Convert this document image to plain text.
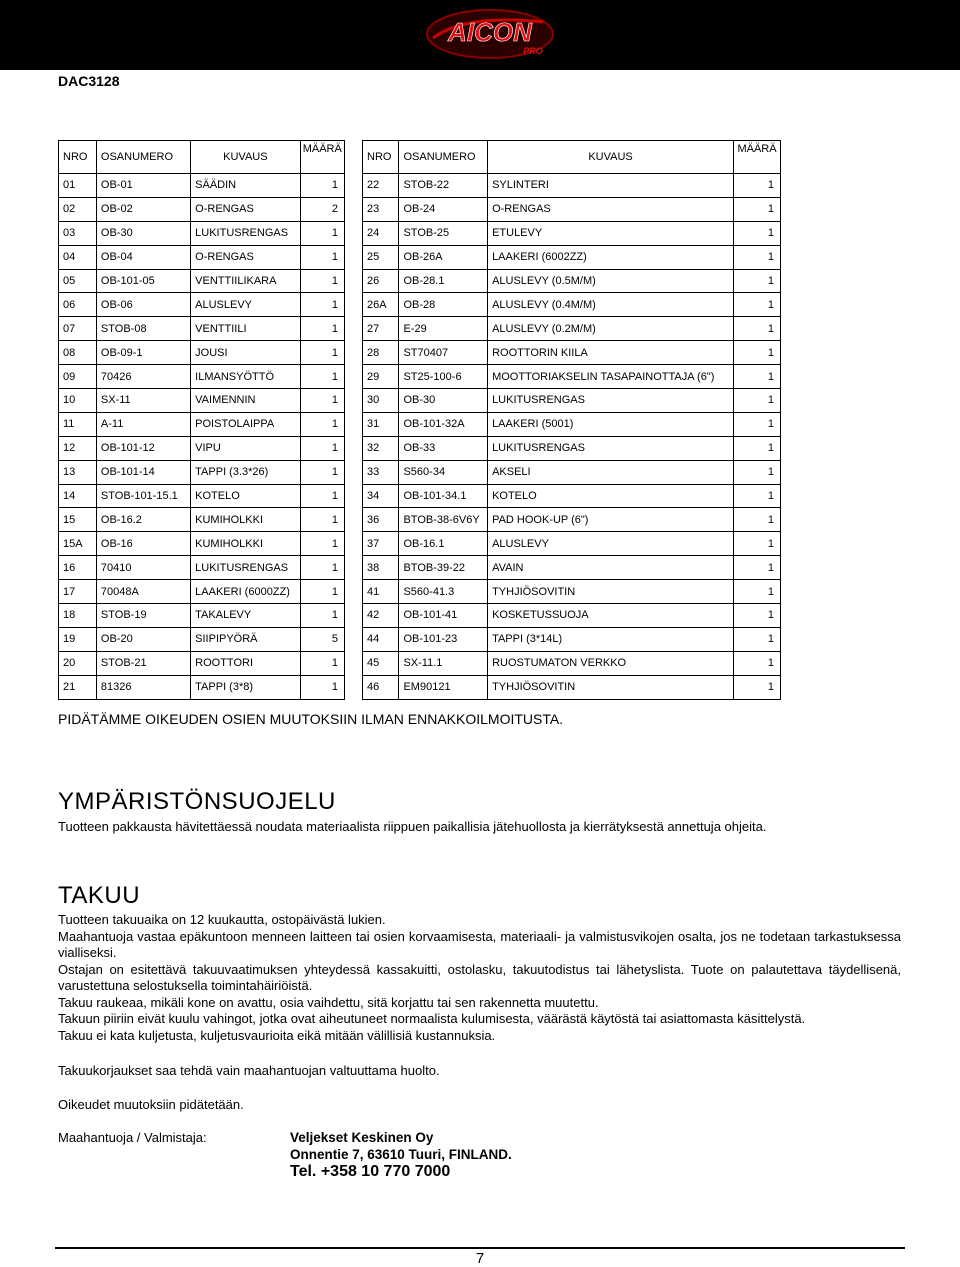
AICON
PRO
DAC3128
NRO	OSANUMERO	KUVAUS	MÄÄRÄ
01	OB-01	SÄÄDIN	1
02	OB-02	O-RENGAS	2
03	OB-30	LUKITUSRENGAS	1
04	OB-04	O-RENGAS	1
05	OB-101-05	VENTTIILIKARA	1
06	OB-06	ALUSLEVY	1
07	STOB-08	VENTTIILI	1
08	OB-09-1	JOUSI	1
09	70426	ILMANSYÖTTÖ	1
10	SX-11	VAIMENNIN	1
11	A-11	POISTOLAIPPA	1
12	OB-101-12	VIPU	1
13	OB-101-14	TAPPI (3.3*26)	1
14	STOB-101-15.1	KOTELO	1
15	OB-16.2	KUMIHOLKKI	1
15A	OB-16	KUMIHOLKKI	1
16	70410	LUKITUSRENGAS	1
17	70048A	LAAKERI (6000ZZ)	1
18	STOB-19	TAKALEVY	1
19	OB-20	SIIPIPYÖRÄ	5
20	STOB-21	ROOTTORI	1
21	81326	TAPPI (3*8)	1
NRO	OSANUMERO	KUVAUS	MÄÄRÄ
22	STOB-22	SYLINTERI	1
23	OB-24	O-RENGAS	1
24	STOB-25	ETULEVY	1
25	OB-26A	LAAKERI (6002ZZ)	1
26	OB-28.1	ALUSLEVY (0.5M/M)	1
26A	OB-28	ALUSLEVY (0.4M/M)	1
27	E-29	ALUSLEVY (0.2M/M)	1
28	ST70407	ROOTTORIN KIILA	1
29	ST25-100-6	MOOTTORIAKSELIN TASAPAINOTTAJA (6")	1
30	OB-30	LUKITUSRENGAS	1
31	OB-101-32A	LAAKERI (5001)	1
32	OB-33	LUKITUSRENGAS	1
33	S560-34	AKSELI	1
34	OB-101-34.1	KOTELO	1
36	BTOB-38-6V6Y	PAD HOOK-UP (6")	1
37	OB-16.1	ALUSLEVY	1
38	BTOB-39-22	AVAIN	1
41	S560-41.3	TYHJIÖSOVITIN	1
42	OB-101-41	KOSKETUSSUOJA	1
44	OB-101-23	TAPPI (3*14L)	1
45	SX-11.1	RUOSTUMATON VERKKO	1
46	EM90121	TYHJIÖSOVITIN	1
PIDÄTÄMME OIKEUDEN OSIEN MUUTOKSIIN ILMAN ENNAKKOILMOITUSTA.
YMPÄRISTÖNSUOJELU

Tuotteen pakkausta hävitettäessä noudata materiaalista riippuen paikallisia jätehuollosta ja kierrätyksestä annettuja ohjeita.

TAKUU

Tuotteen takuuaika on 12 kuukautta, ostopäivästä lukien.

Maahantuoja vastaa epäkuntoon menneen laitteen tai osien korvaamisesta, materiaali- ja valmistusvikojen osalta, jos ne todetaan tarkastuksessa vialliseksi.

Ostajan on esitettävä takuuvaatimuksen yhteydessä kassakuitti, ostolasku, takuutodistus tai lähetyslista. Tuote on palautettava täydellisenä, varustettuna selostuksella toimintahäiriöistä.

Takuu raukeaa, mikäli kone on avattu, osia vaihdettu, sitä korjattu tai sen rakennetta muutettu.

Takuun piiriin eivät kuulu vahingot, jotka ovat aiheutuneet normaalista kulumisesta, väärästä käytöstä tai asiattomasta käsittelystä.

Takuu ei kata kuljetusta, kuljetusvaurioita eikä mitään välillisiä kustannuksia.

Takuukorjaukset saa tehdä vain maahantuojan valtuuttama huolto.

Oikeudet muutoksiin pidätetään.

Maahantuoja / Valmistaja:	Veljekset Keskinen Oy
Onnentie 7, 63610 Tuuri, FINLAND.
Tel. +358 10 770 7000
7
